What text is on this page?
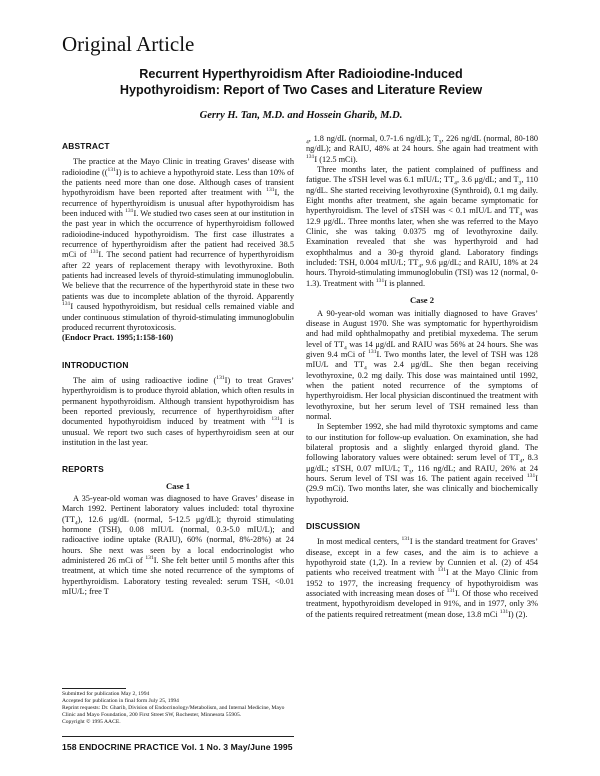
Original Article
Recurrent Hyperthyroidism After Radioiodine-Induced
Hypothyroidism: Report of Two Cases and Literature Review
Gerry H. Tan, M.D. and Hossein Gharib, M.D.
ABSTRACT

The practice at the Mayo Clinic in treating Graves’ disease with radioiodine (($^{131}$I) is to achieve a hypothyroid state. Less than 10% of the patients need more than one dose. Although cases of transient hypothyroidism have been reported after treatment with $^{131}$I, the recurrence of hyperthyroidism is unusual after hypothyroidism has been induced with $^{131}$I. We studied two cases seen at our institution in the past year in which the occurrence of hyperthyroidism followed radioiodine-induced hypothyroidism. The first case illustrates a recurrence of hyperthyroidism after the patient had received 38.5 mCi of $^{131}$I. The second patient had recurrence of hyperthyroidism after 22 years of replacement therapy with levothyroxine. Both patients had increased levels of thyroid-stimulating immunoglobulin. We believe that the recurrence of the hyperthyroid state in these two patients was due to incomplete ablation of the thyroid. Apparently $^{131}$I caused hypothyroidism, but residual cells remained viable and under continuous stimulation of thyroid-stimulating immunoglobulin produced recurrent thyrotoxicosis.

(Endocr Pract. 1995;1:158-160)

INTRODUCTION

The aim of using radioactive iodine ($^{131}$I) to treat Graves’ hyperthyroidism is to produce thyroid ablation, which often results in permanent hypothyroidism. Although transient hypothyroidism has been reported previously, recurrence of hyperthyroidism after documented hypothyroidism induced by treatment with $^{131}$I is unusual. We report two such cases of hyperthyroidism seen at our institution in the last year.

REPORTS
Case 1

A 35-year-old woman was diagnosed to have Graves’ disease in March 1992. Pertinent laboratory values included: total thyroxine $(TT_4)$, 12.6 μg/dL (normal, 5-12.5 μg/dL); thyroid stimulating hormone (TSH), 0.08 mIU/L (normal, 0.3-5.0 mIU/L); and radioactive iodine uptake (RAIU), 60% (normal, 8%-28%) at 24 hours. She next was seen by a local endocrinologist who administered 26 mCi of $^{131}$I. She felt better until 5 months after this treatment, at which time she noted recurrence of the symptoms of hyperthyroidism. Laboratory testing revealed: serum TSH, <0.01 mIU/L; free T

$_4$, 1.8 ng/dL (normal, 0.7-1.6 ng/dL); $T_3$, 226 ng/dL (normal, 80-180 ng/dL); and RAIU, 48% at 24 hours. She again had treatment with $^{131}$I (12.5 mCi).

Three months later, the patient complained of puffiness and fatigue. The sTSH level was 6.1 mIU/L; $TT_4$, 3.6 μg/dL; and $T_3$, 110 ng/dL. She started receiving levothyroxine (Synthroid), 0.1 mg daily. Eight months after treatment, she again became symptomatic for hyperthyroidism. The level of sTSH was < 0.1 mIU/L and $TT_4$ was 12.9 μg/dL. Three months later, when she was referred to the Mayo Clinic, she was taking 0.0375 mg of levothyroxine daily. Examination revealed that she was hyperthyroid and had exophthalmus and a 30-g thyroid gland. Laboratory findings included: TSH, 0.004 mIU/L; $TT_4$, 9.6 μg/dL; and RAIU, 18% at 24 hours. Thyroid-stimulating immunoglobulin (TSI) was 12 (normal, 0-1.3). Treatment with $^{131}$I is planned.

Case 2

A 90-year-old woman was initially diagnosed to have Graves’ disease in August 1970. She was symptomatic for hyperthyroidism and had mild ophthalmopathy and pretibial myxedema. The serum level of $TT_4$ was 14 μg/dL and RAIU was 56% at 24 hours. She was given 9.4 mCi of $^{131}$I. Two months later, the level of TSH was 128 mIU/L and $TT_4$ was 2.4 μg/dL. She then began receiving levothyroxine, 0.2 mg daily. This dose was maintained until 1992, when the patient noted recurrence of the symptoms of hyperthyroidism. Her local physician discontinued the treatment with levothyroxine, but her serum level of TSH remained less than normal.

In September 1992, she had mild thyrotoxic symptoms and came to our institution for follow-up evaluation. On examination, she had bilateral proptosis and a slightly enlarged thyroid gland. The following laboratory values were obtained: serum level of $TT_4$, 8.3 μg/dL; sTSH, 0.07 mIU/L; $T_3$, 116 ng/dL; and RAIU, 26% at 24 hours. Serum level of TSI was 16. The patient again received $^{131}$I (29.9 mCi). Two months later, she was clinically and biochemically hypothyroid.

DISCUSSION

In most medical centers, $^{131}$I is the standard treatment for Graves’ disease, except in a few cases, and the aim is to achieve a hypothyroid state (1,2). In a review by Cunnien et al. (2) of 454 patients who received treatment with $^{131}$I at the Mayo Clinic from 1952 to 1977, the increasing frequency of hypothyroidism was associated with increasing mean doses of $^{131}$I. Of those who received treatment, hypothyroidism developed in 91%, and in 1977, only 3% of the patients required retreatment (mean dose, 13.8 mCi $^{131}$I) (2).

Submitted for publication May 2, 1994
Accepted for publication in final form July 25, 1994
Reprint requests: Dr. Gharib, Division of Endocrinology/Metabolism, and Internal Medicine, Mayo Clinic and Mayo Foundation, 200 First Street SW, Rochester, Minnesota 55905.
Copyright © 1995 AACE.
158 ENDOCRINE PRACTICE Vol. 1 No. 3 May/June 1995
